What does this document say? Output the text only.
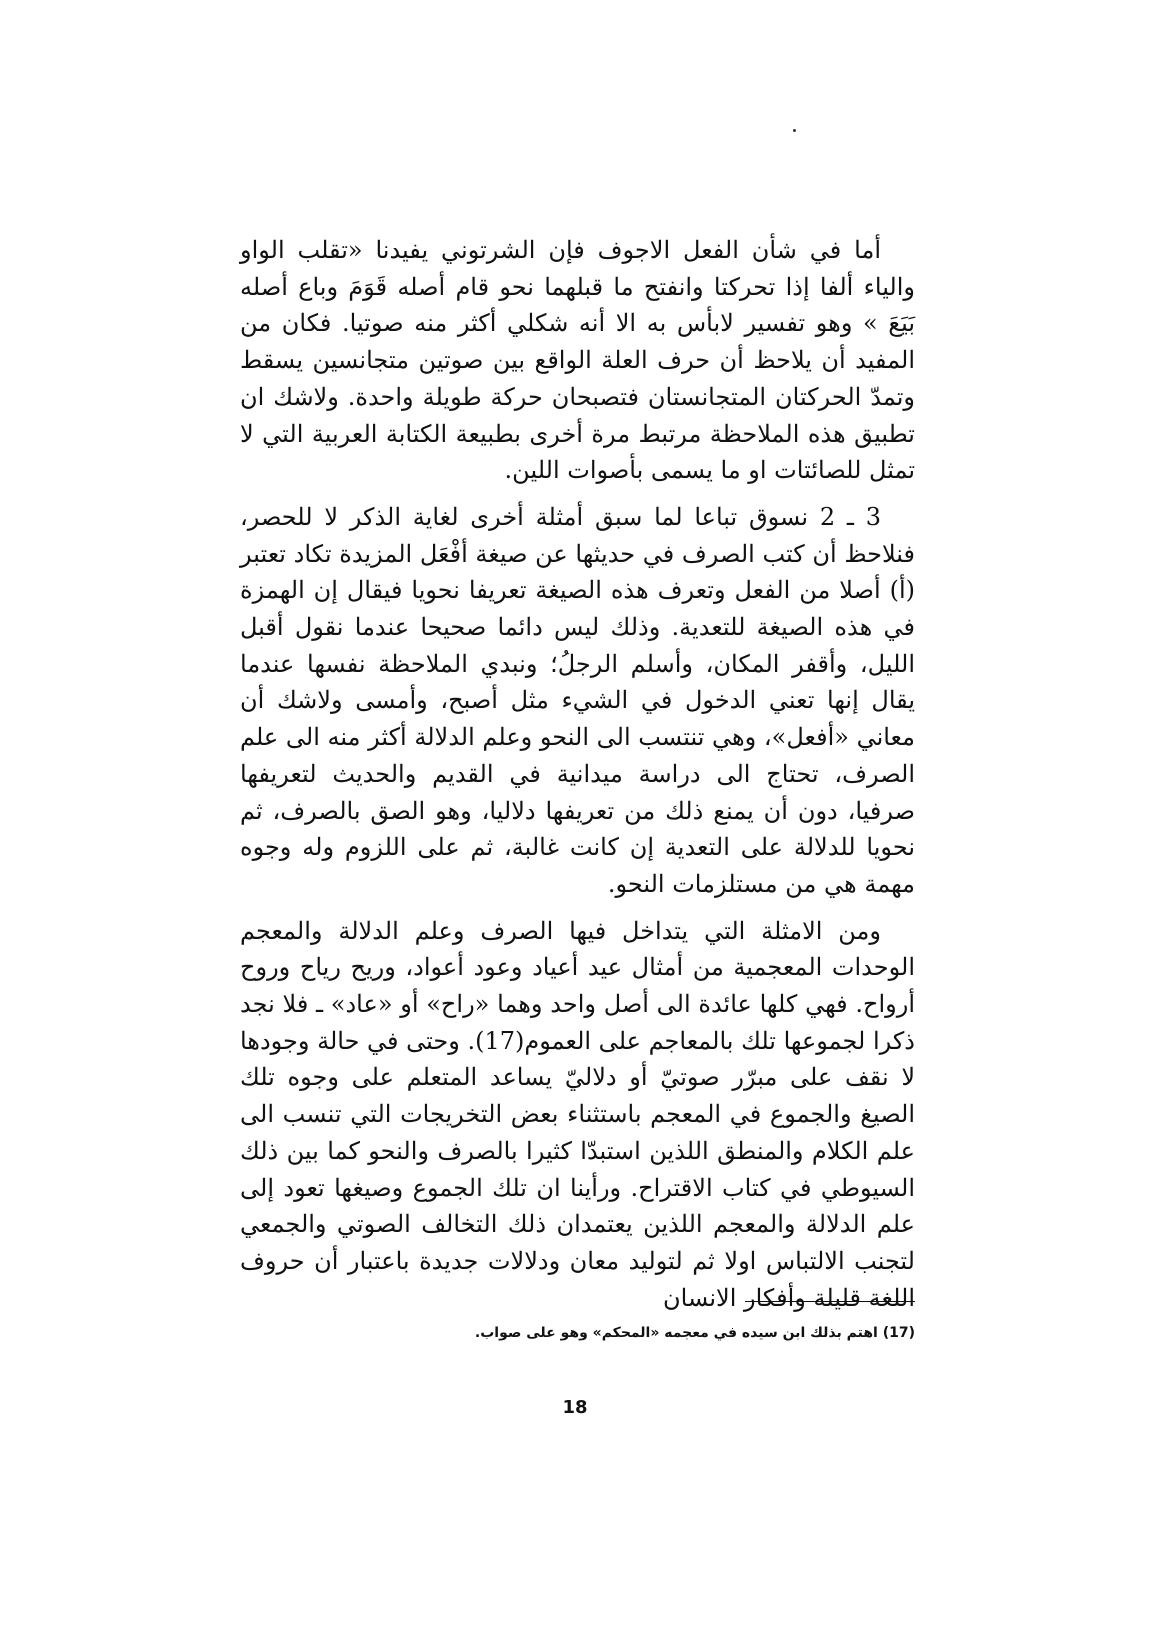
أما في شأن الفعل الاجوف فإن الشرتوني يفيدنا «تقلب الواو والياء ألفا إذا تحركتا وانفتح ما قبلهما نحو قام أصله قَوَمَ وباع أصله بَيَعَ » وهو تفسير لابأس به الا أنه شكلي أكثر منه صوتيا. فكان من المفيد أن يلاحظ أن حرف العلة الواقع بين صوتين متجانسين يسقط وتمدّ الحركتان المتجانستان فتصبحان حركة طويلة واحدة. ولاشك ان تطبيق هذه الملاحظة مرتبط مرة أخرى بطبيعة الكتابة العربية التي لا تمثل للصائتات او ما يسمى بأصوات اللين.

3 ـ 2 نسوق تباعا لما سبق أمثلة أخرى لغاية الذكر لا للحصر، فنلاحظ أن كتب الصرف في حديثها عن صيغة أفْعَل المزيدة تكاد تعتبر (أ) أصلا من الفعل وتعرف هذه الصيغة تعريفا نحويا فيقال إن الهمزة في هذه الصيغة للتعدية. وذلك ليس دائما صحيحا عندما نقول أقبل الليل، وأقفر المكان، وأسلم الرجلُ؛ ونبدي الملاحظة نفسها عندما يقال إنها تعني الدخول في الشيء مثل أصبح، وأمسى ولاشك أن معاني «أفعل»، وهي تنتسب الى النحو وعلم الدلالة أكثر منه الى علم الصرف، تحتاج الى دراسة ميدانية في القديم والحديث لتعريفها صرفيا، دون أن يمنع ذلك من تعريفها دلاليا، وهو الصق بالصرف، ثم نحويا للدلالة على التعدية إن كانت غالبة، ثم على اللزوم وله وجوه مهمة هي من مستلزمات النحو.

ومن الامثلة التي يتداخل فيها الصرف وعلم الدلالة والمعجم الوحدات المعجمية من أمثال عيد أعياد وعود أعواد، وريح رياح وروح أرواح. فهي كلها عائدة الى أصل واحد وهما «راح» أو «عاد» ـ فلا نجد ذكرا لجموعها تلك بالمعاجم على العموم(17). وحتى في حالة وجودها لا نقف على مبرّر صوتيّ أو دلاليّ يساعد المتعلم على وجوه تلك الصيغ والجموع في المعجم باستثناء بعض التخريجات التي تنسب الى علم الكلام والمنطق اللذين استبدّا كثيرا بالصرف والنحو كما بين ذلك السيوطي في كتاب الاقتراح. ورأينا ان تلك الجموع وصيغها تعود إلى علم الدلالة والمعجم اللذين يعتمدان ذلك التخالف الصوتي والجمعي لتجنب الالتباس اولا ثم لتوليد معان ودلالات جديدة باعتبار أن حروف اللغة قليلة وأفكار الانسان

(17) اهتم بذلك ابن سيده في معجمه «المحكم» وهو على صواب.

18
